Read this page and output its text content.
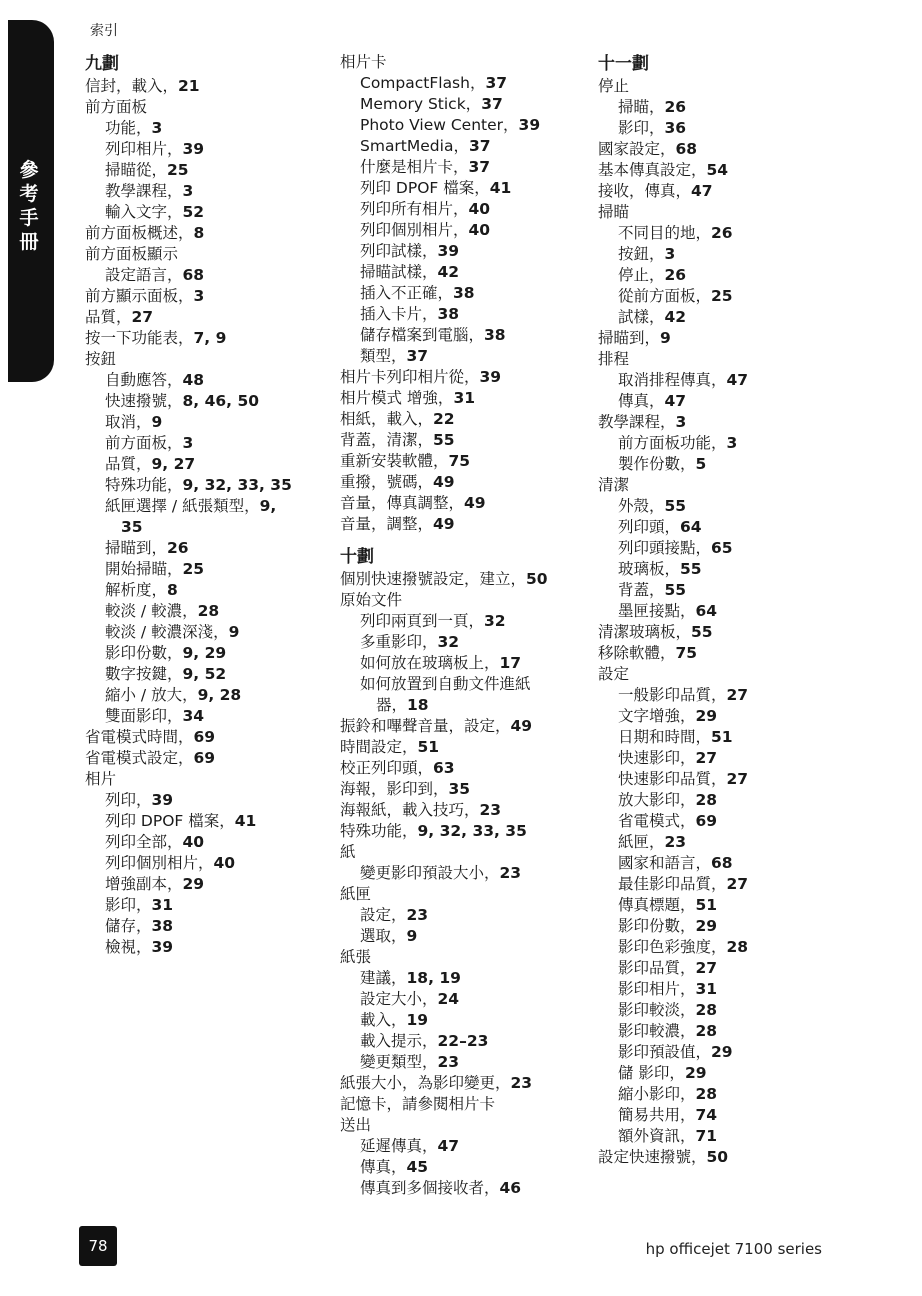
參考手冊
索引
九劃
信封，載入，21
前方面板
功能，3
列印相片，39
掃瞄從，25
教學課程，3
輸入文字，52
前方面板概述，8
前方面板顯示
設定語言，68
前方顯示面板，3
品質，27
按一下功能表，7, 9
按鈕
自動應答，48
快速撥號，8, 46, 50
取消，9
前方面板，3
品質，9, 27
特殊功能，9, 32, 33, 35
紙匣選擇 / 紙張類型，9,
35
掃瞄到，26
開始掃瞄，25
解析度，8
較淡 / 較濃，28
較淡 / 較濃深淺，9
影印份數，9, 29
數字按鍵，9, 52
縮小 / 放大，9, 28
雙面影印，34
省電模式時間，69
省電模式設定，69
相片
列印，39
列印 DPOF 檔案，41
列印全部，40
列印個別相片，40
增強副本，29
影印，31
儲存，38
檢視，39
相片卡
CompactFlash，37
Memory Stick，37
Photo View Center，39
SmartMedia，37
什麼是相片卡，37
列印 DPOF 檔案，41
列印所有相片，40
列印個別相片，40
列印試樣，39
掃瞄試樣，42
插入不正確，38
插入卡片，38
儲存檔案到電腦，38
類型，37
相片卡列印相片從，39
相片模式 增強，31
相紙，載入，22
背蓋，清潔，55
重新安裝軟體，75
重撥，號碼，49
音量，傳真調整，49
音量，調整，49
十劃
個別快速撥號設定，建立，50
原始文件
列印兩頁到一頁，32
多重影印，32
如何放在玻璃板上，17
如何放置到自動文件進紙
器，18
振鈴和嗶聲音量，設定，49
時間設定，51
校正列印頭，63
海報，影印到，35
海報紙，載入技巧，23
特殊功能，9, 32, 33, 35
紙
變更影印預設大小，23
紙匣
設定，23
選取，9
紙張
建議，18, 19
設定大小，24
載入，19
載入提示，22–23
變更類型，23
紙張大小，為影印變更，23
記憶卡，請參閱相片卡
送出
延遲傳真，47
傳真，45
傳真到多個接收者，46
十一劃
停止
掃瞄，26
影印，36
國家設定，68
基本傳真設定，54
接收，傳真，47
掃瞄
不同目的地，26
按鈕，3
停止，26
從前方面板，25
試樣，42
掃瞄到，9
排程
取消排程傳真，47
傳真，47
教學課程，3
前方面板功能，3
製作份數，5
清潔
外殼，55
列印頭，64
列印頭接點，65
玻璃板，55
背蓋，55
墨匣接點，64
清潔玻璃板，55
移除軟體，75
設定
一般影印品質，27
文字增強，29
日期和時間，51
快速影印，27
快速影印品質，27
放大影印，28
省電模式，69
紙匣，23
國家和語言，68
最佳影印品質，27
傳真標題，51
影印份數，29
影印色彩強度，28
影印品質，27
影印相片，31
影印較淡，28
影印較濃，28
影印預設值，29
儲 影印，29
縮小影印，28
簡易共用，74
額外資訊，71
設定快速撥號，50
78	hp officejet 7100 series
